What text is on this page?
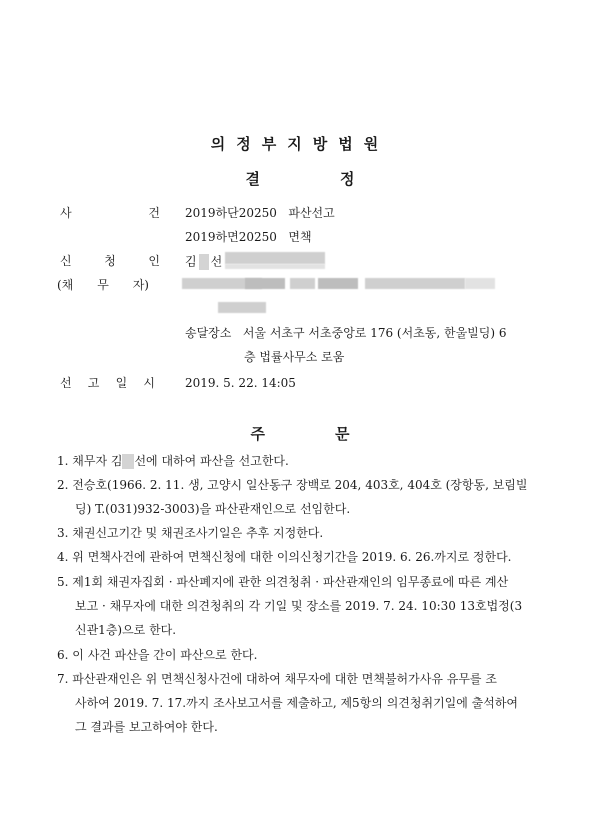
의정부지방법원
결	정
사	건 2019하단20250 파산선고
2019하면20250 면책
신	청	인 김 선
(채 무 자)
송달장소 서울 서초구 서초중앙로 176 (서초동, 한울빌딩) 6
층 법률사무소 로움
선 고 일 시	2019. 5. 22. 14:05
주	문
1. 채무자 김 선에 대하여 파산을 선고한다.
2. 전승호(1966. 2. 11. 생, 고양시 일산동구 장백로 204, 403호, 404호 (장항동, 보림빌
딩) T.(031)932-3003)을 파산관재인으로 선임한다.
3. 채권신고기간 및 채권조사기일은 추후 지정한다.
4. 위 면책사건에 관하여 면책신청에 대한 이의신청기간을 2019. 6. 26.까지로 정한다.
5. 제1회 채권자집회 · 파산폐지에 관한 의견청취 · 파산관재인의 임무종료에 따른 계산
보고 · 채무자에 대한 의견청취의 각 기일 및 장소를 2019. 7. 24. 10:30 13호법정(3
신관1층)으로 한다.
6. 이 사건 파산을 간이 파산으로 한다.
7. 파산관재인은 위 면책신청사건에 대하여 채무자에 대한 면책불허가사유 유무를 조
사하여 2019. 7. 17.까지 조사보고서를 제출하고, 제5항의 의견청취기일에 출석하여
그 결과를 보고하여야 한다.
